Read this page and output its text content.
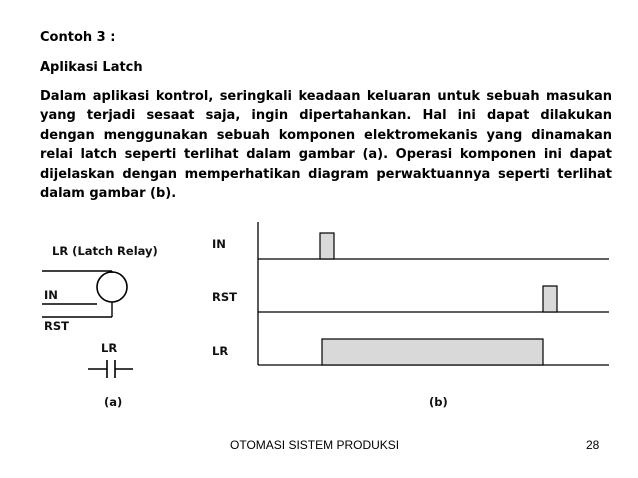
Contoh 3 :

Aplikasi Latch

Dalam aplikasi kontrol, seringkali keadaan keluaran untuk sebuah masukan yang terjadi sesaat saja, ingin dipertahankan. Hal ini dapat dilakukan dengan menggunakan sebuah komponen elektromekanis yang dinamakan relai latch seperti terlihat dalam gambar (a). Operasi komponen ini dapat dijelaskan dengan memperhatikan diagram perwaktuannya seperti terlihat dalam gambar (b).

LR (Latch Relay)
IN
RST
LR
(a)
IN
RST
LR
(b)
OTOMASI SISTEM PRODUKSI	28
